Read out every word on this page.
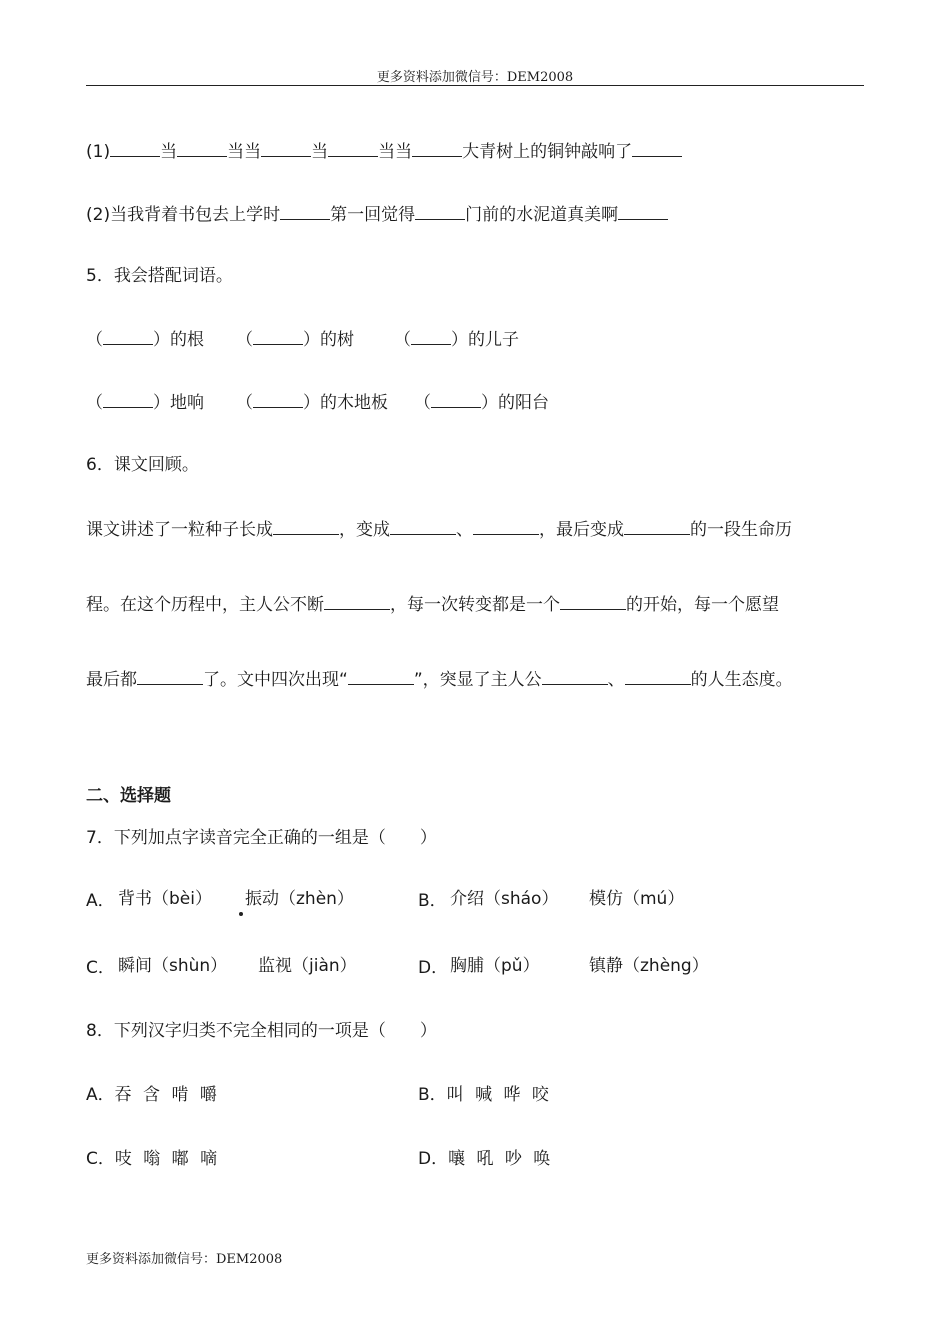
更多资料添加微信号：DEM2008
(1)	当	当当	当	当当	大青树上的铜钟敲响了
(2)当我背着书包去上学时	第一回觉得	门前的水泥道真美啊
5．我会搭配词语。
（	）的根 （	）的树 （ ）的儿子
（	）地响 （	）的木地板 （	）的阳台
6．课文回顾。
课文讲述了一粒种子长成	，变成	、	，最后变成	的一段生命历
程。在这个历程中，主人公不断	，每一次转变都是一个	的开始，每一个愿望
最后都	了。文中四次出现“	”，突显了主人公	、	的人生态度。
二、选择题
7．下列加点字读音完全正确的一组是（　　）
A． 背书（bèi） 振动（zhèn）	B． 介绍（sháo） 模仿（mú）
C． 瞬间（shùn） 监视（jiàn）	D． 胸脯（pǔ）	镇静（zhèng）
8．下列汉字归类不完全相同的一项是（　　）
A．吞 含 啃 嚼	B．叫 喊 哗 咬
C．吱 嗡 嘟 嘀	D．嚷 吼 吵 唤
更多资料添加微信号：DEM2008
